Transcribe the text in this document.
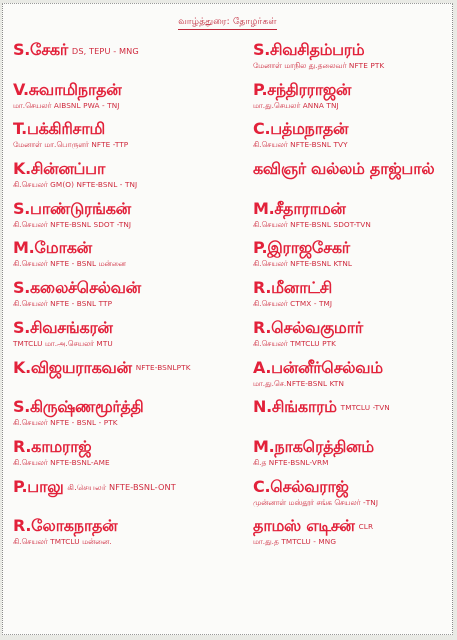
வாழ்த்துரை: தோழர்கள்
S.சேகர் DS, TEPU - MNG
V.சுவாமிநாதன்
மா.செயலர் AIBSNL PWA - TNJ
T.பக்கிரிசாமி
மேனாள் மா.பொருளர் NFTE -TTP
K.சின்னப்பா
கி.செயலர் GM(O) NFTE-BSNL - TNJ
S.பாண்டுரங்கன்
கி.செயலர் NFTE-BSNL SDOT -TNJ
M.மோகன்
கி.செயலர் NFTE - BSNL மன்னை
S.கலைச்செல்வன்
கி.செயலர் NFTE - BSNL TTP
S.சிவசங்கரன்
TMTCLU மா.அ.செயலர் MTU
K.விஜயராகவன் NFTE-BSNLPTK
S.கிருஷ்ணமூர்த்தி
கி.செயலர் NFTE - BSNL - PTK
R.காமராஜ்
கி.செயலர் NFTE-BSNL-AME
P.பாலு கி.செயலர் NFTE-BSNL-ONT
R.லோகநாதன்
கி.செயலர் TMTCLU மன்னை.
S.சிவசிதம்பரம்
மேனாள் மாநில து.தலைவர் NFTE PTK
P.சந்திரராஜன்
மா.து.செயலர் ANNA TNJ
C.பத்மநாதன்
கி.செயலர் NFTE-BSNL TVY
கவிஞர் வல்லம் தாஜ்பால்
M.சீதாராமன்
கி.செயலர் NFTE-BSNL SDOT-TVN
P.இராஜசேகர்
கி.செயலர் NFTE-BSNL KTNL
R.மீனாட்சி
கி.செயலர் CTMX - TMJ
R.செல்வகுமார்
கி.செயலர் TMTCLU PTK
A.பன்னீர்செல்வம்
மா.து.செ.NFTE-BSNL KTN
N.சிங்காரம் TMTCLU -TVN
M.நாகரெத்தினம்
கி.த NFTE-BSNL-VRM
C.செல்வராஜ்
முன்னாள் மஸ்தூர் சங்க செயலர் -TNJ
தாமஸ் எடிசன் CLR
மா.து.த TMTCLU - MNG
